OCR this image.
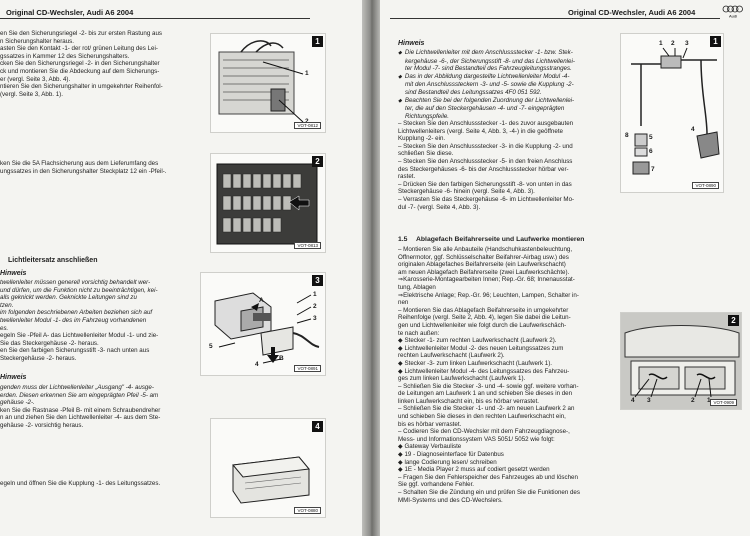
Original CD-Wechsler, Audi A6 2004

en Sie den Sicherungsriegel -2- bis zur ersten Rastung aus

n Sicherungshalter heraus.

asten Sie den Kontakt -1- der rot/ grünen Leitung des Lei-

gssatzes in Kammer 12 des Sicherungshalters.

cken Sie den Sicherungsriegel -2- in den Sicherungshalter

ck und montieren Sie die Abdeckung auf dem Sicherungs-

er (vergl. Seite 3, Abb. 4).

ntieren Sie den Sicherungshalter in umgekehrter Reihenfol-

(vergl. Seite 3, Abb. 1).

1
1
VOT-0812

ken Sie die 5A Flachsicherung aus dem Lieferumfang des

ungssatzes in den Sicherungshalter Steckplatz 12 ein -Pfeil-.

2
VOT-0813
Lichtleitersatz anschließen
Hinweis

twellenleiter müssen generell vorsichtig behandelt wer-

und dürfen, um die Funktion nicht zu beeinträchtigen, kei-

alls geknickt werden. Geknickte Leitungen sind zu

tzen.

im folgenden beschriebenen Arbeiten beziehen sich auf

twellenleiter Modul -1- des im Fahrzeug vorhandenen

es.

egeln Sie -Pfeil A- das Lichtwellenleiter Modul -1- und zie-

Sie das Steckergehäuse -2- heraus.

en Sie den farbigen Sicherungsstift -3- nach unten aus

Steckergehäuse -2- heraus.

1
2
3
4
5
A
B
3
VOT-0891
Hinweis

genden muss der Lichtwellenleiter „Ausgang" -4- ausge-

erden. Diesen erkennen Sie am eingeprägten Pfeil -5- am

gehäuse -2-.

ken Sie die Rastnase -Pfeil B- mit einem Schraubendreher

n an und ziehen Sie den Lichtwellenleiter -4- aus dem Ste-

gehäuse -2- vorsichtig heraus.

egeln und öffnen Sie die Kupplung -1- des Leitungssatzes.

4
VOT-0880
Original CD-Wechsler, Audi A6 2004	Audi
Hinweis

◆ Die Lichtwellenleiter mit dem Anschlussstecker -1- bzw. Stek-

kergehäuse -6-, der Sicherungsstift -8- und das Lichtwellenlei-

ter Modul -7- sind Bestandteil des Fahrzeugleitungsstranges.

◆ Das in der Abbildung dargestellte Lichtwellenleiter Modul -4-

mit den Anschlusssteckern -3- und -5- sowie die Kupplung -2-

sind Bestandteil des Leitungssatzes 4F0 051 592.

◆ Beachten Sie bei der folgenden Zuordnung der Lichtwellenlei-

ter, die auf den Steckergehäusen -4- und -7- eingeprägten

Richtungspfeile.

– Stecken Sie den Anschlussstecker -1- des zuvor ausgebauten

Lichtwellenleiters (vergl. Seite 4, Abb. 3, -4-) in die geöffnete

Kupplung -2- ein.

– Stecken Sie den Anschlussstecker -3- in die Kupplung -2- und

schließen Sie diese.

– Stecken Sie den Anschlussstecker -5- in den freien Anschluss

des Steckergehäuses -6- bis der Anschlussstecker hörbar ver-

rastet.

– Drücken Sie den farbigen Sicherungsstift -8- von unten in das

Steckergehäuse -6- hinein (vergl. Seite 4, Abb. 3).

– Verrasten Sie das Steckergehäuse -6- im Lichtwellenleiter Mo-

dul -7- (vergl. Seite 4, Abb. 3).

1 2 3
4
5
6
7
8
VOT-0890
1
1.5 Ablagefach Beifahrerseite und Laufwerke montieren

– Montieren Sie alle Anbauteile (Handschuhkastenbeleuchtung,

Öffnermotor, ggf. Schlüsselschalter Beifahrer-Airbag usw.) des

originalen Ablagefaches Beifahrerseite (ein Laufwerkschacht)

am neuen Ablagefach Beifahrerseite (zwei Laufwerkschächte).

⇒Karosserie-Montagearbeiten Innen; Rep.-Gr. 68; Innenausstat-

tung, Ablagen

⇒Elektrische Anlage; Rep.-Gr. 96; Leuchten, Lampen, Schalter in-

nen

– Montieren Sie das Ablagefach Beifahrerseite in umgekehrter

Reihenfolge (vergl. Seite 2, Abb. 4), legen Sie dabei die Leitun-

gen und Lichtwellenleiter wie folgt durch die Laufwerkschäch-

te nach außen:

◆ Stecker -1- zum rechten Laufwerkschacht (Laufwerk 2).

◆ Lichtwellenleiter Modul -2- des neuen Leitungssatzes zum

rechten Laufwerkschacht (Laufwerk 2).

◆ Stecker -3- zum linken Laufwerkschacht (Laufwerk 1).

◆ Lichtwellenleiter Modul -4- des Leitungssatzes des Fahrzeu-

ges zum linken Laufwerkschacht (Laufwerk 1).

– Schließen Sie die Stecker -3- und -4- sowie ggf. weitere vorhan-

de Leitungen am Laufwerk 1 an und schieben Sie dieses in den

linken Laufwerkschacht ein, bis es hörbar verrastet.

– Schließen Sie die Stecker -1- und -2- am neuen Laufwerk 2 an

und schieben Sie dieses in den rechten Laufwerkschacht ein,

bis es hörbar verrastet.

– Codieren Sie den CD-Wechsler mit dem Fahrzeugdiagnose-,

Mess- und Informationssystem VAS 5051/ 5052 wie folgt:

◆ Gateway Verbauliste

◆ 19 - Diagnoseinterface für Datenbus

◆ lange Codierung lesen/ schreiben

◆ 1E - Media Player 2 muss auf codiert gesetzt werden

– Fragen Sie den Fehlerspeicher des Fahrzeuges ab und löschen

Sie ggf. vorhandene Fehler.

– Schalten Sie die Zündung ein und prüfen Sie die Funktionen des

MMI-Systems und des CD-Wechslers.

4 3	2 1 VOT-0909
2
